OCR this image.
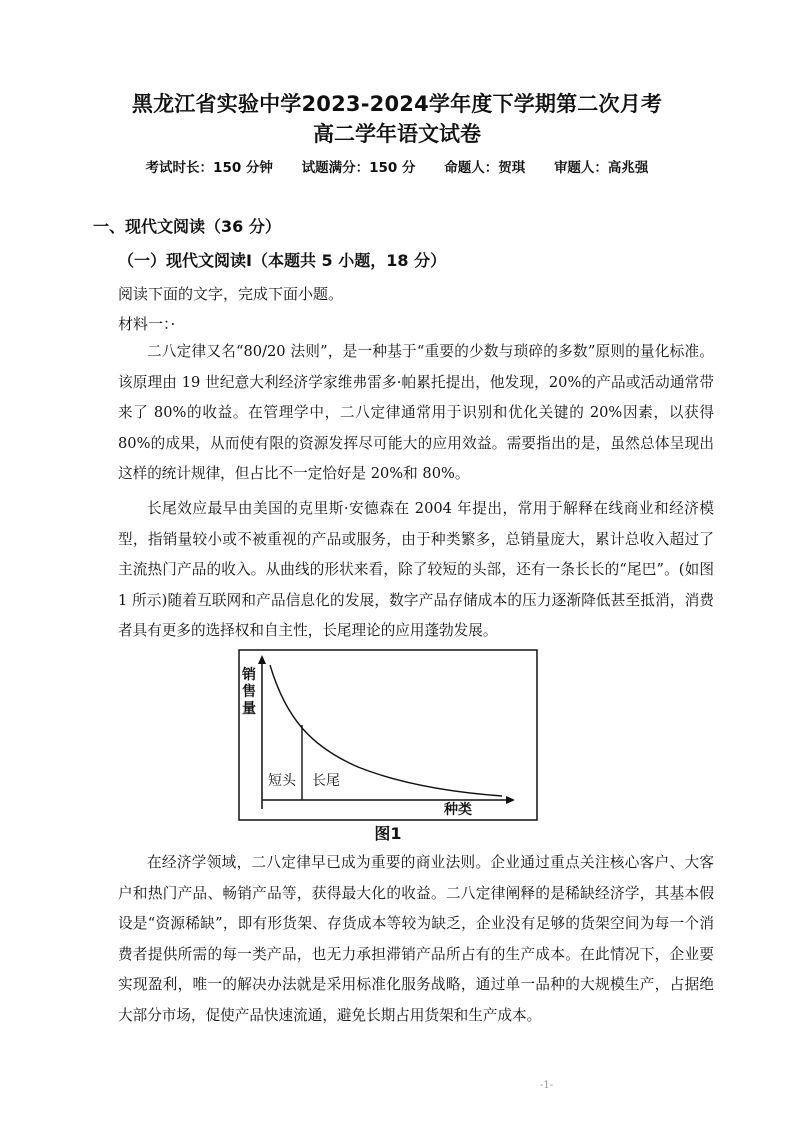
黑龙江省实验中学2023-2024学年度下学期第二次月考
高二学年语文试卷
考试时长：150 分钟 试题满分：150 分 命题人：贺琪 审题人：高兆强
一、现代文阅读（36 分）
（一）现代文阅读Ⅰ（本题共 5 小题，18 分）
阅读下面的文字，完成下面小题。
材料一：·

二八定律又名“80/20 法则”，是一种基于“重要的少数与琐碎的多数”原则的量化标准。该原理由 19 世纪意大利经济学家维弗雷多·帕累托提出，他发现，20%的产品或活动通常带来了 80%的收益。在管理学中，二八定律通常用于识别和优化关键的 20%因素，以获得 80%的成果，从而使有限的资源发挥尽可能大的应用效益。需要指出的是，虽然总体呈现出这样的统计规律，但占比不一定恰好是 20%和 80%。

长尾效应最早由美国的克里斯·安德森在 2004 年提出，常用于解释在线商业和经济模型，指销量较小或不被重视的产品或服务，由于种类繁多，总销量庞大，累计总收入超过了主流热门产品的收入。从曲线的形状来看，除了较短的头部，还有一条长长的“尾巴”。(如图 1 所示)随着互联网和产品信息化的发展，数字产品存储成本的压力逐渐降低甚至抵消，消费者具有更多的选择权和自主性，长尾理论的应用蓬勃发展。

销售量
短头 长尾
种类
图1

在经济学领域，二八定律早已成为重要的商业法则。企业通过重点关注核心客户、大客户和热门产品、畅销产品等，获得最大化的收益。二八定律阐释的是稀缺经济学，其基本假设是“资源稀缺”，即有形货架、存货成本等较为缺乏，企业没有足够的货架空间为每一个消费者提供所需的每一类产品，也无力承担滞销产品所占有的生产成本。在此情况下，企业要实现盈利，唯一的解决办法就是采用标准化服务战略，通过单一品种的大规模生产，占据绝大部分市场，促使产品快速流通，避免长期占用货架和生产成本。

-1-
